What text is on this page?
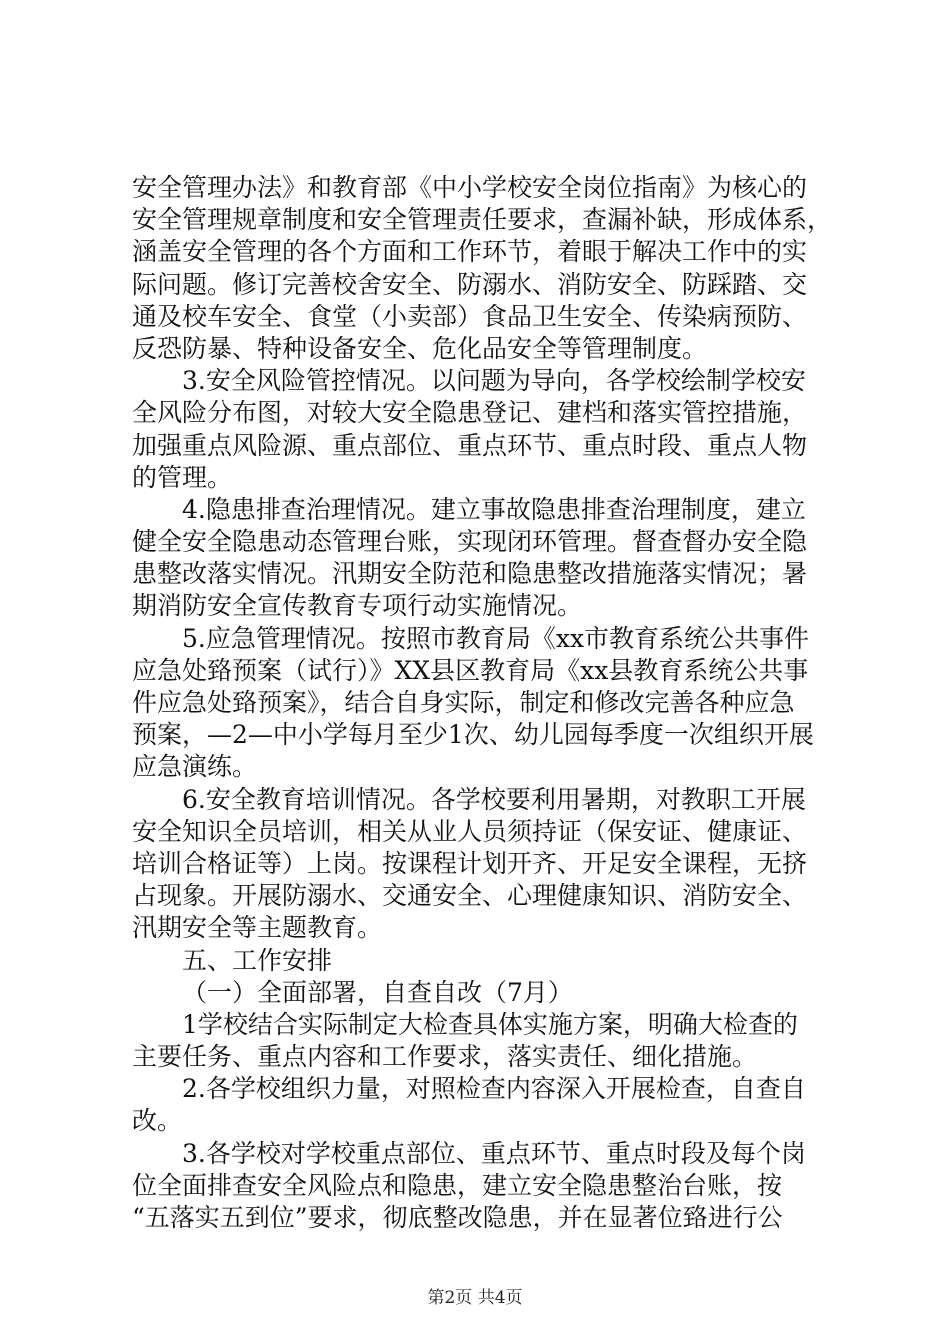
安全管理办法》和教育部《中小学校安全岗位指南》为核心的
安全管理规章制度和安全管理责任要求，查漏补缺，形成体系，
涵盖安全管理的各个方面和工作环节，着眼于解决工作中的实
际问题。修订完善校舍安全、防溺水、消防安全、防踩踏、交
通及校车安全、食堂（小卖部）食品卫生安全、传染病预防、
反恐防暴、特种设备安全、危化品安全等管理制度。
3.安全风险管控情况。以问题为导向，各学校绘制学校安
全风险分布图，对较大安全隐患登记、建档和落实管控措施，
加强重点风险源、重点部位、重点环节、重点时段、重点人物
的管理。
4.隐患排查治理情况。建立事故隐患排查治理制度，建立
健全安全隐患动态管理台账，实现闭环管理。督查督办安全隐
患整改落实情况。汛期安全防范和隐患整改措施落实情况；暑
期消防安全宣传教育专项行动实施情况。
5.应急管理情况。按照市教育局《xx市教育系统公共事件
应急处臵预案（试行）》XX县区教育局《xx县教育系统公共事
件应急处臵预案》，结合自身实际，制定和修改完善各种应急
预案，—2—中小学每月至少1次、幼儿园每季度一次组织开展
应急演练。
6.安全教育培训情况。各学校要利用暑期，对教职工开展
安全知识全员培训，相关从业人员须持证（保安证、健康证、
培训合格证等）上岗。按课程计划开齐、开足安全课程，无挤
占现象。开展防溺水、交通安全、心理健康知识、消防安全、
汛期安全等主题教育。
五、工作安排
（一）全面部署，自查自改（7月）
1学校结合实际制定大检查具体实施方案，明确大检查的
主要任务、重点内容和工作要求，落实责任、细化措施。
2.各学校组织力量，对照检查内容深入开展检查，自查自
改。
3.各学校对学校重点部位、重点环节、重点时段及每个岗
位全面排查安全风险点和隐患，建立安全隐患整治台账，按
“五落实五到位”要求，彻底整改隐患，并在显著位臵进行公
第2页 共4页
